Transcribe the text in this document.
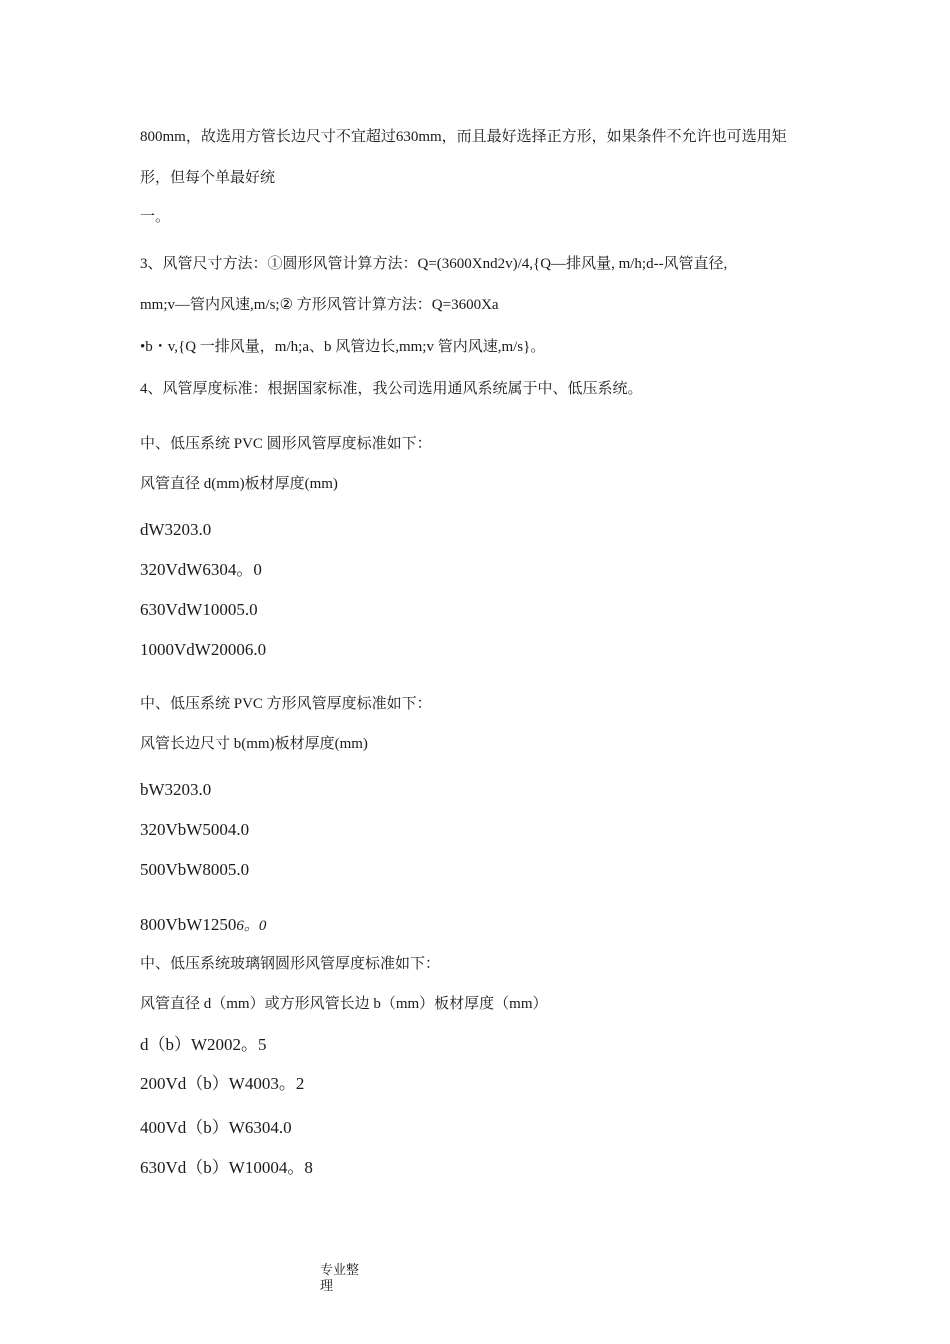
800mm，故选用方管长边尺寸不宜超过630mm，而且最好选择正方形，如果条件不允许也可选用矩
形，但每个单最好统
一。
3、风管尺寸方法：①圆形风管计算方法：Q=(3600Xnd2v)/4,{Q—排风量, m/h;d--风管直径,
mm;v—管内风速,m/s;② 方形风管计算方法：Q=3600Xa
•b・v,{Q 一排风量，m/h;a、b 风管边长,mm;v 管内风速,m/s}。
4、风管厚度标准：根据国家标准，我公司选用通风系统属于中、低压系统。
中、低压系统 PVC 圆形风管厚度标准如下：
风管直径 d(mm)板材厚度(mm)
dW3203.0
320VdW6304。0
630VdW10005.0
1000VdW20006.0
中、低压系统 PVC 方形风管厚度标准如下：
风管长边尺寸 b(mm)板材厚度(mm)
bW3203.0
320VbW5004.0
500VbW8005.0
800VbW12506。0
中、低压系统玻璃钢圆形风管厚度标准如下：
风管直径 d（mm）或方形风管长边 b（mm）板材厚度（mm）
d（b）W2002。5
200Vd（b）W4003。2
400Vd（b）W6304.0
630Vd（b）W10004。8
专业整理
